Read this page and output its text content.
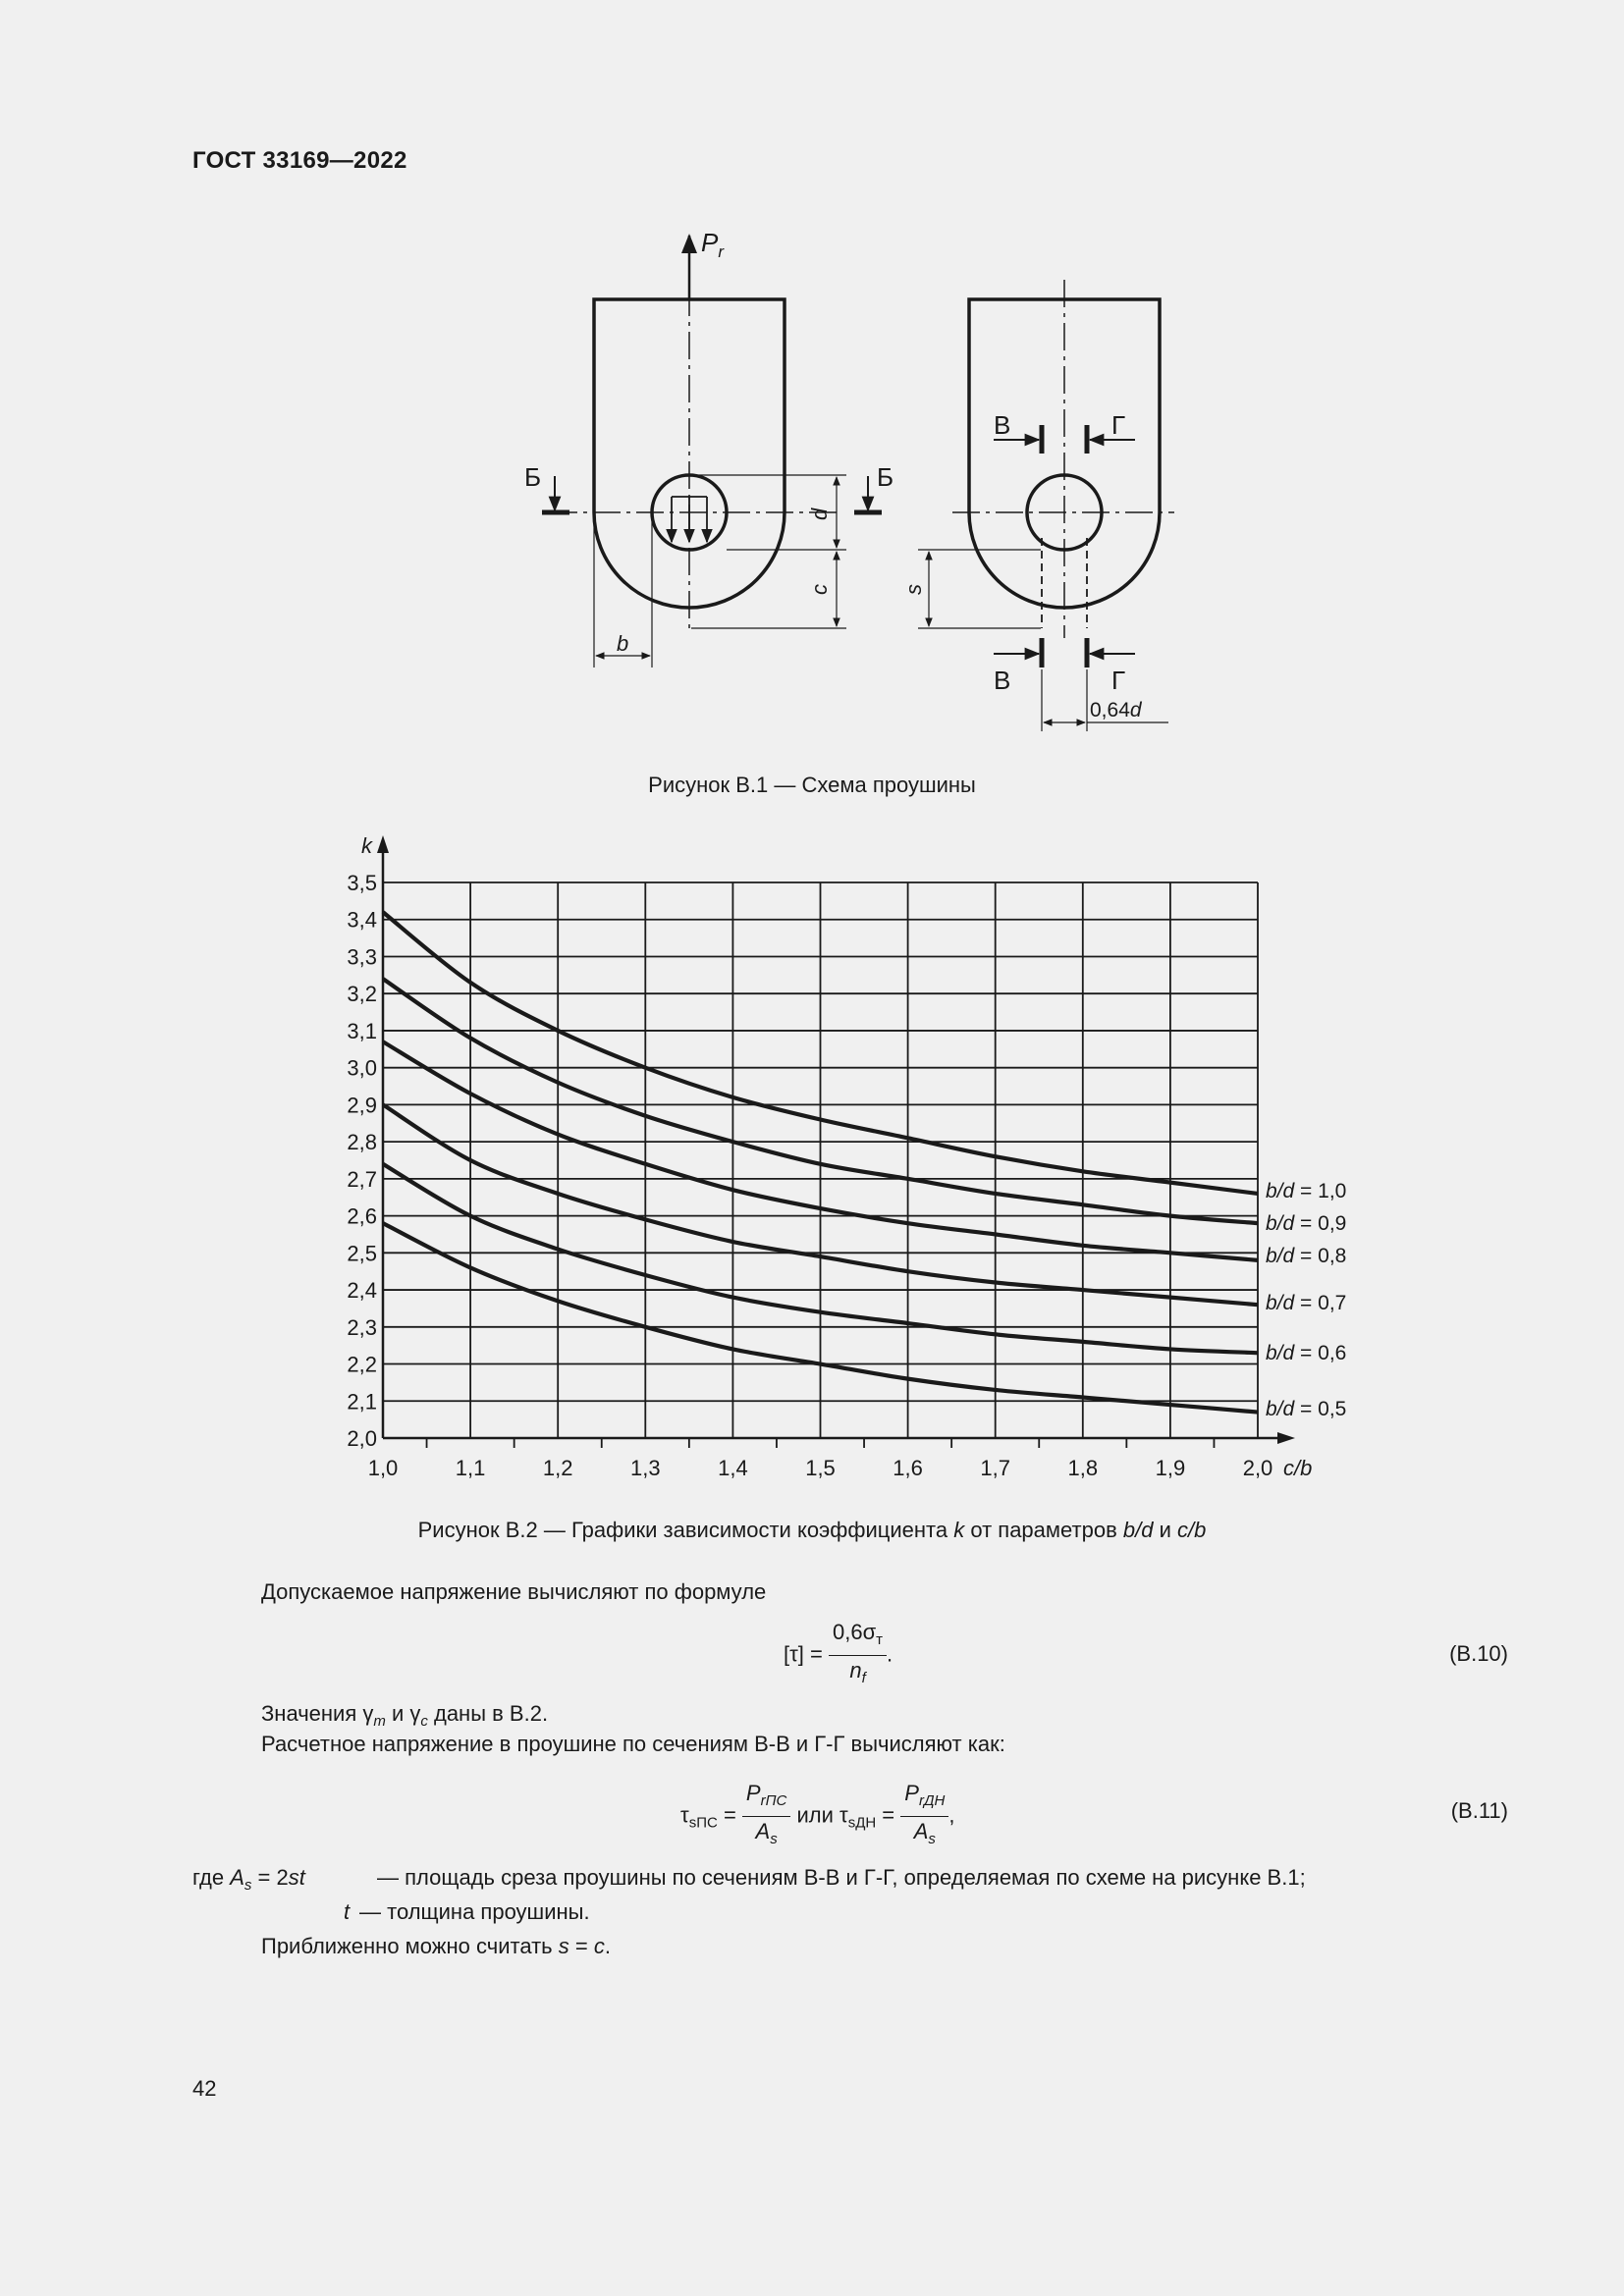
ГОСТ 33169—2022
$P_r$
Б	Б
В	Г
В	Г
d
c
b
s
0,64d
Рисунок В.1 — Схема проушины
2,0
2,1
2,2
2,3
2,4
2,5
2,6
2,7
2,8
2,9
3,0
3,1
3,2
3,3
3,4
3,5
1,0	1,1	1,2	1,3	1,4	1,5	1,6	1,7	1,8	1,9	2,0
k
c/b
b/d = 1,0
b/d = 0,9
b/d = 0,8
b/d = 0,7
b/d = 0,6
b/d = 0,5
Рисунок В.2 — Графики зависимости коэффициента k от параметров b/d и c/b
Допускаемое напряжение вычисляют по формуле
$[\tau] = \frac{0,6\sigma_т}{n_f}$ .	(В.10)
Значения $\gamma_m$ и $\gamma_c$ даны в В.2.
Расчетное напряжение в проушине по сечениям В-В и Г-Г вычисляют как:
$\tau_{sПС} = \frac{P_{rПС}}{A_s}$ или $\tau_{sДН} = \frac{P_{rДН}}{A_s}$ ,	(В.11)
где $A_s = 2st$	— площадь среза проушины по сечениям В-В и Г-Г, определяемая по схеме на рисунке В.1;
t — толщина проушины.
Приближенно можно считать s = c.
42
